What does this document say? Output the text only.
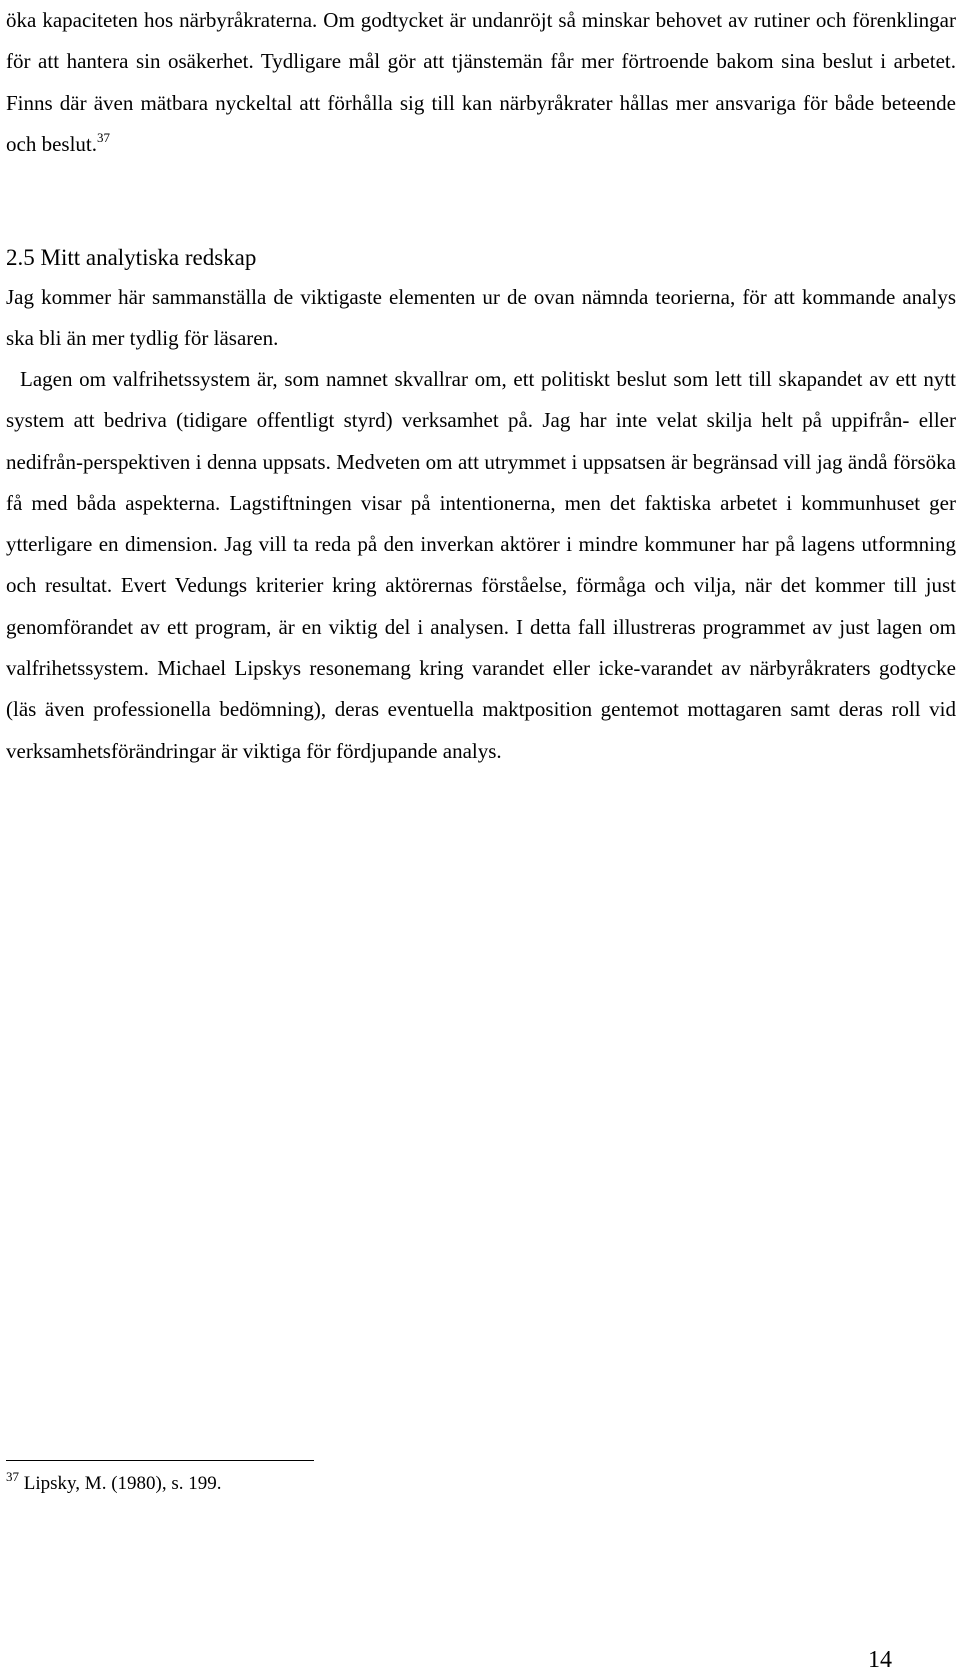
öka kapaciteten hos närbyråkraterna. Om godtycket är undanröjt så minskar behovet av rutiner och förenklingar för att hantera sin osäkerhet. Tydligare mål gör att tjänstemän får mer förtroende bakom sina beslut i arbetet. Finns där även mätbara nyckeltal att förhålla sig till kan närbyråkrater hållas mer ansvariga för både beteende och beslut.$^{37}$

2.5 Mitt analytiska redskap

Jag kommer här sammanställa de viktigaste elementen ur de ovan nämnda teorierna, för att kommande analys ska bli än mer tydlig för läsaren.

Lagen om valfrihetssystem är, som namnet skvallrar om, ett politiskt beslut som lett till skapandet av ett nytt system att bedriva (tidigare offentligt styrd) verksamhet på. Jag har inte velat skilja helt på uppifrån- eller nedifrån-perspektiven i denna uppsats. Medveten om att utrymmet i uppsatsen är begränsad vill jag ändå försöka få med båda aspekterna. Lagstiftningen visar på intentionerna, men det faktiska arbetet i kommunhuset ger ytterligare en dimension. Jag vill ta reda på den inverkan aktörer i mindre kommuner har på lagens utformning och resultat. Evert Vedungs kriterier kring aktörernas förståelse, förmåga och vilja, när det kommer till just genomförandet av ett program, är en viktig del i analysen. I detta fall illustreras programmet av just lagen om valfrihetssystem. Michael Lipskys resonemang kring varandet eller icke-varandet av närbyråkraters godtycke (läs även professionella bedömning), deras eventuella maktposition gentemot mottagaren samt deras roll vid verksamhetsförändringar är viktiga för fördjupande analys.

$^{37}$ Lipsky, M. (1980), s. 199.

14
